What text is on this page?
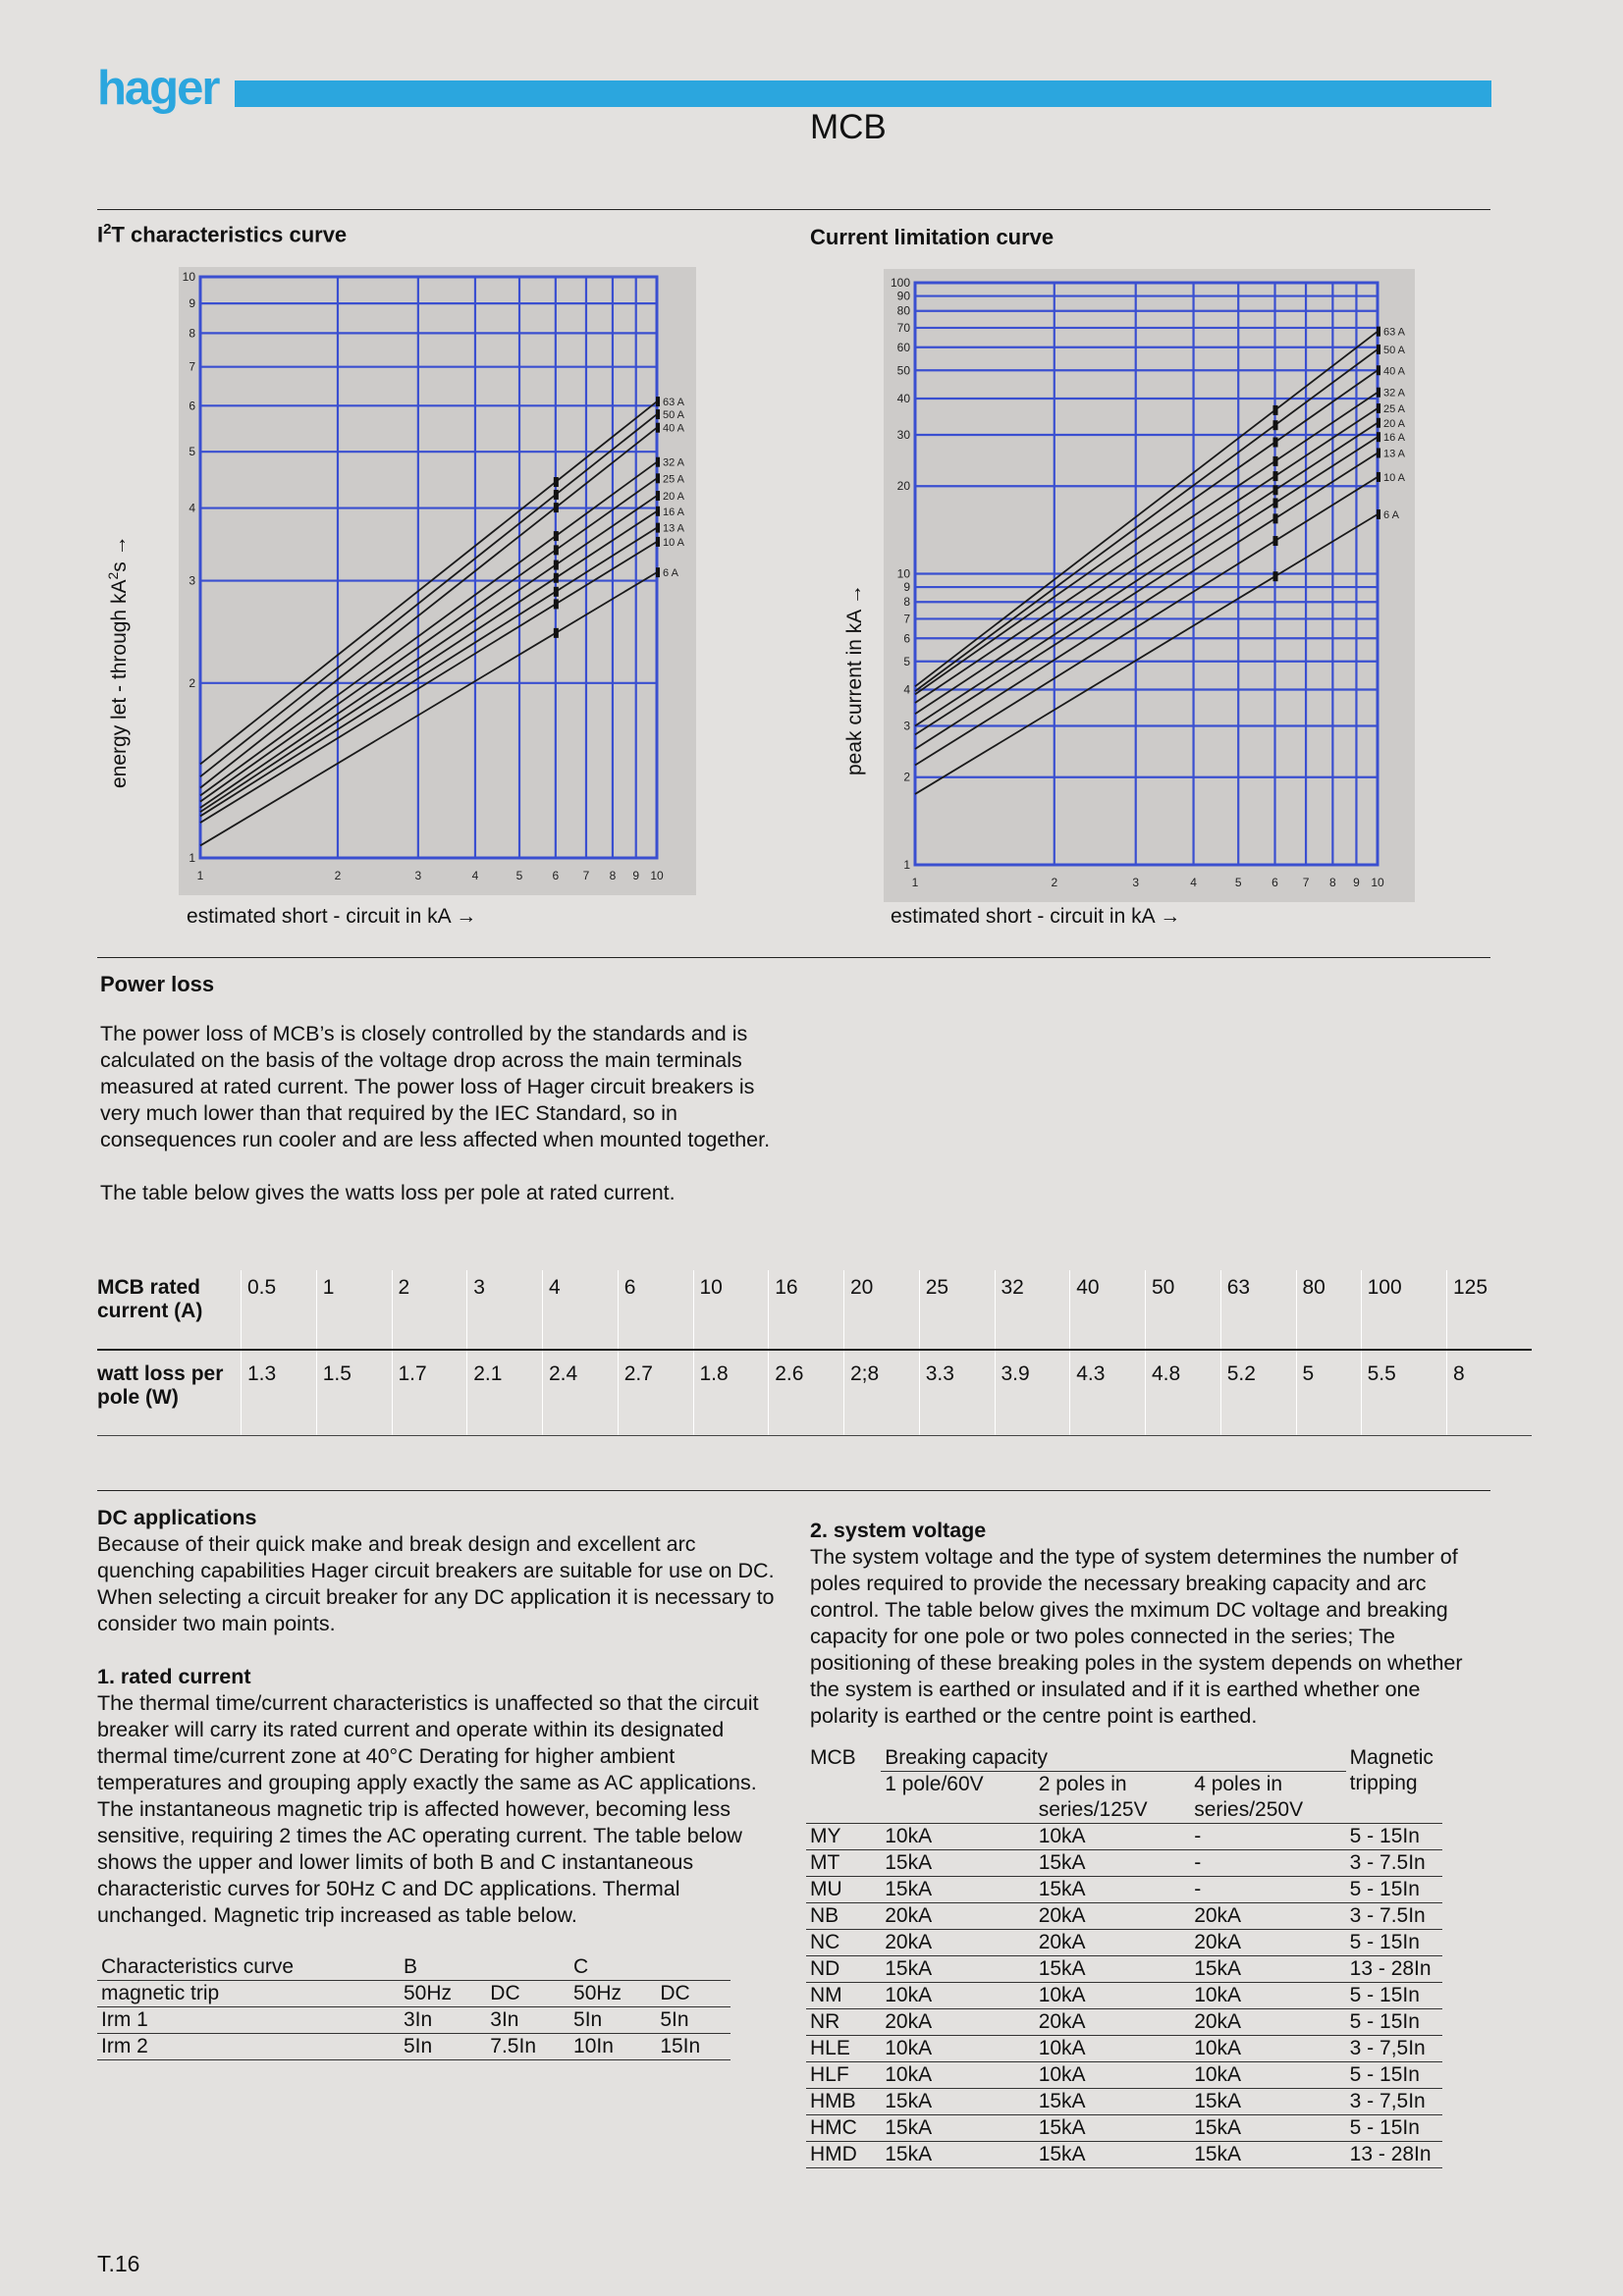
hager
MCB
$I^2T$ characteristics curve
1	2	3	4	5	6 7 8 9 10
1
2
3
4
5
6
7
8
9
10
63 A
50 A
40 A
32 A
25 A
20 A
16 A
13 A
10 A
6 A
energy let - through $kA^2s$ →
estimated short - circuit in kA →
Current limitation curve
1	2	3	4	5	6 7 8 9 10
1
2
3
4
5
6
7
8
9
10
20
30
40
50
60
70
80
90
100
63 A
50 A
40 A
32 A
25 A
20 A
16 A
13 A
10 A
6 A
peak current in kA →
estimated short - circuit in kA →
Power loss

The power loss of MCB’s is closely controlled by the standards and is calculated on the basis of the voltage drop across the main terminals measured at rated current. The power loss of Hager circuit breakers is very much lower than that required by the IEC Standard, so in consequences run cooler and are less affected when mounted together.

The table below gives the watts loss per pole at rated current.

MCB rated current (A)	0.5	1	2	3	4	6	10	16	20	25	32	40	50	63	80	100	125
watt loss per pole (W)	1.3	1.5	1.7	2.1	2.4	2.7	1.8	2.6	2;8	3.3	3.9	4.3	4.8	5.2	5	5.5	8

DC applications

Because of their quick make and break design and excellent arc quenching capabilities Hager circuit breakers are suitable for use on DC. When selecting a circuit breaker for any DC application it is necessary to consider two main points.

1. rated current

The thermal time/current characteristics is unaffected so that the circuit breaker will carry its rated current and operate within its designated thermal time/current zone at 40°C Derating for higher ambient temperatures and grouping apply exactly the same as AC applications. The instantaneous magnetic trip is affected however, becoming less sensitive, requiring 2 times the AC operating current. The table below shows the upper and lower limits of both B and C instantaneous characteristic curves for 50Hz C and DC applications. Thermal unchanged. Magnetic trip increased as table below.

Characteristics curve	B		C	
magnetic trip	50Hz	DC	50Hz	DC
Irm 1	3In	3In	5In	5In
Irm 2	5In	7.5In	10In	15In

2. system voltage

The system voltage and the type of system determines the number of poles required to provide the necessary breaking capacity and arc control. The table below gives the mximum DC voltage and breaking capacity for one pole or two poles connected in the series; The positioning of these breaking poles in the system depends on whether the system is earthed or insulated and if it is earthed whether one polarity is earthed or the centre point is earthed.

MCB	Breaking capacity			Magnetic tripping
	1 pole/60V	2 poles in series/125V	4 poles in series/250V	
MY	10kA	10kA	-	5 - 15In
MT	15kA	15kA	-	3 - 7.5In
MU	15kA	15kA	-	5 - 15In
NB	20kA	20kA	20kA	3 - 7.5In
NC	20kA	20kA	20kA	5 - 15In
ND	15kA	15kA	15kA	13 - 28In
NM	10kA	10kA	10kA	5 - 15In
NR	20kA	20kA	20kA	5 - 15In
HLE	10kA	10kA	10kA	3 - 7,5In
HLF	10kA	10kA	10kA	5 - 15In
HMB	15kA	15kA	15kA	3 - 7,5In
HMC	15kA	15kA	15kA	5 - 15In
HMD	15kA	15kA	15kA	13 - 28In
T.16
